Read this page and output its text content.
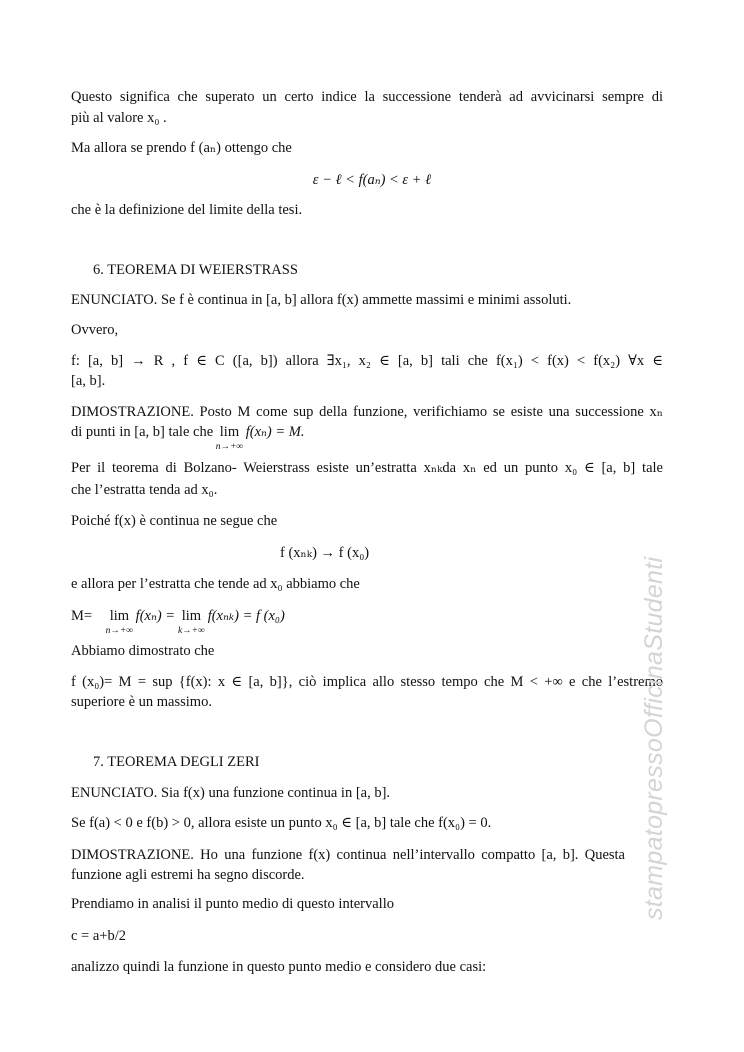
Questo significa che superato un certo indice la successione tenderà ad avvicinarsi sempre di
più al valore x₀ .
Ma allora se prendo f (aₙ) ottengo che
ε − ℓ < f(aₙ) < ε + ℓ
che è la definizione del limite della tesi.
6. TEOREMA DI WEIERSTRASS
ENUNCIATO. Se f è continua in [a, b] allora f(x) ammette massimi e minimi assoluti.
Ovvero,
f: [a, b] → R , f ∈ C ([a, b]) allora ∃x₁, x₂ ∈ [a, b] tali che f(x₁) < f(x) < f(x₂) ∀x ∈
[a, b].
DIMOSTRAZIONE. Posto M come sup della funzione, verifichiamo se esiste una successione xₙ
di punti in [a, b] tale che lim
n→+∞
f(xₙ) = M.
Per il teorema di Bolzano- Weierstrass esiste un’estratta xₙₖda xₙ ed un punto x₀ ∈ [a, b] tale
che l’estratta tenda ad x₀.
Poiché f(x) è continua ne segue che
f (xₙₖ) → f (x₀)
e allora per l’estratta che tende ad x₀ abbiamo che
M= lim
n→+∞
f(xₙ) = lim
k→+∞
f(xₙₖ) = f (x₀)
Abbiamo dimostrato che
f (x₀)= M = sup {f(x): x ∈ [a, b]}, ciò implica allo stesso tempo che M < +∞ e che l’estremo
superiore è un massimo.
7. TEOREMA DEGLI ZERI
ENUNCIATO. Sia f(x) una funzione continua in [a, b].
Se f(a) < 0 e f(b) > 0, allora esiste un punto x₀ ∈ [a, b] tale che f(x₀) = 0.
DIMOSTRAZIONE. Ho una funzione f(x) continua nell’intervallo compatto [a, b]. Questa
funzione agli estremi ha segno discorde.
Prendiamo in analisi il punto medio di questo intervallo
c = a+b/2
analizzo quindi la funzione in questo punto medio e considero due casi:
stampatopressoOfficinaStudenti
